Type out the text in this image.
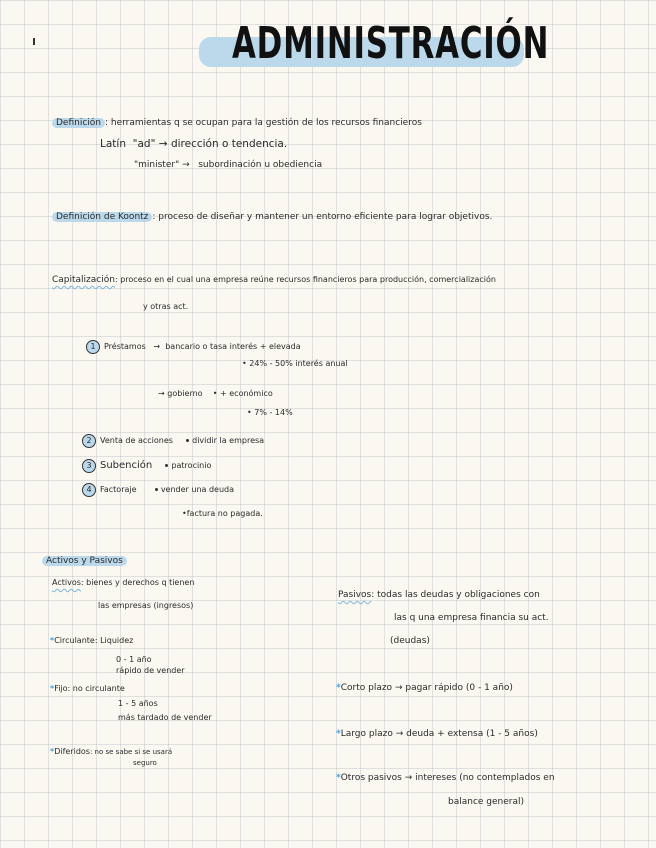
ADMINISTRACIÓN
Definición : herramientas q se ocupan para la gestión de los recursos financieros
Latín "ad" → dirección o tendencia.
"minister" → subordinación u obediencia
Definición de Koontz : proceso de diseñar y mantener un entorno eficiente para lograr objetivos.
Capitalización: proceso en el cual una empresa reúne recursos financieros para producción, comercialización
y otras act.
1 Préstamos → bancario o tasa interés + elevada
• 24% - 50% interés anual
→ gobierno • + económico
• 7% - 14%
2 Venta de acciones dividir la empresa
3 Subención patrocinio
4 Factoraje	vender una deuda
•factura no pagada.
Activos y Pasivos
Activos: bienes y derechos q tienen
las empresas (ingresos)
*Circulante: Liquidez
0 - 1 año
rápido de vender
*Fijo: no circulante
1 - 5 años
más tardado de vender
*Diferidos: no se sabe si se usará
seguro
Pasivos: todas las deudas y obligaciones con
las q una empresa financia su act.
(deudas)
*Corto plazo → pagar rápido (0 - 1 año)
*Largo plazo → deuda + extensa (1 - 5 años)
*Otros pasivos → intereses (no contemplados en
balance general)
